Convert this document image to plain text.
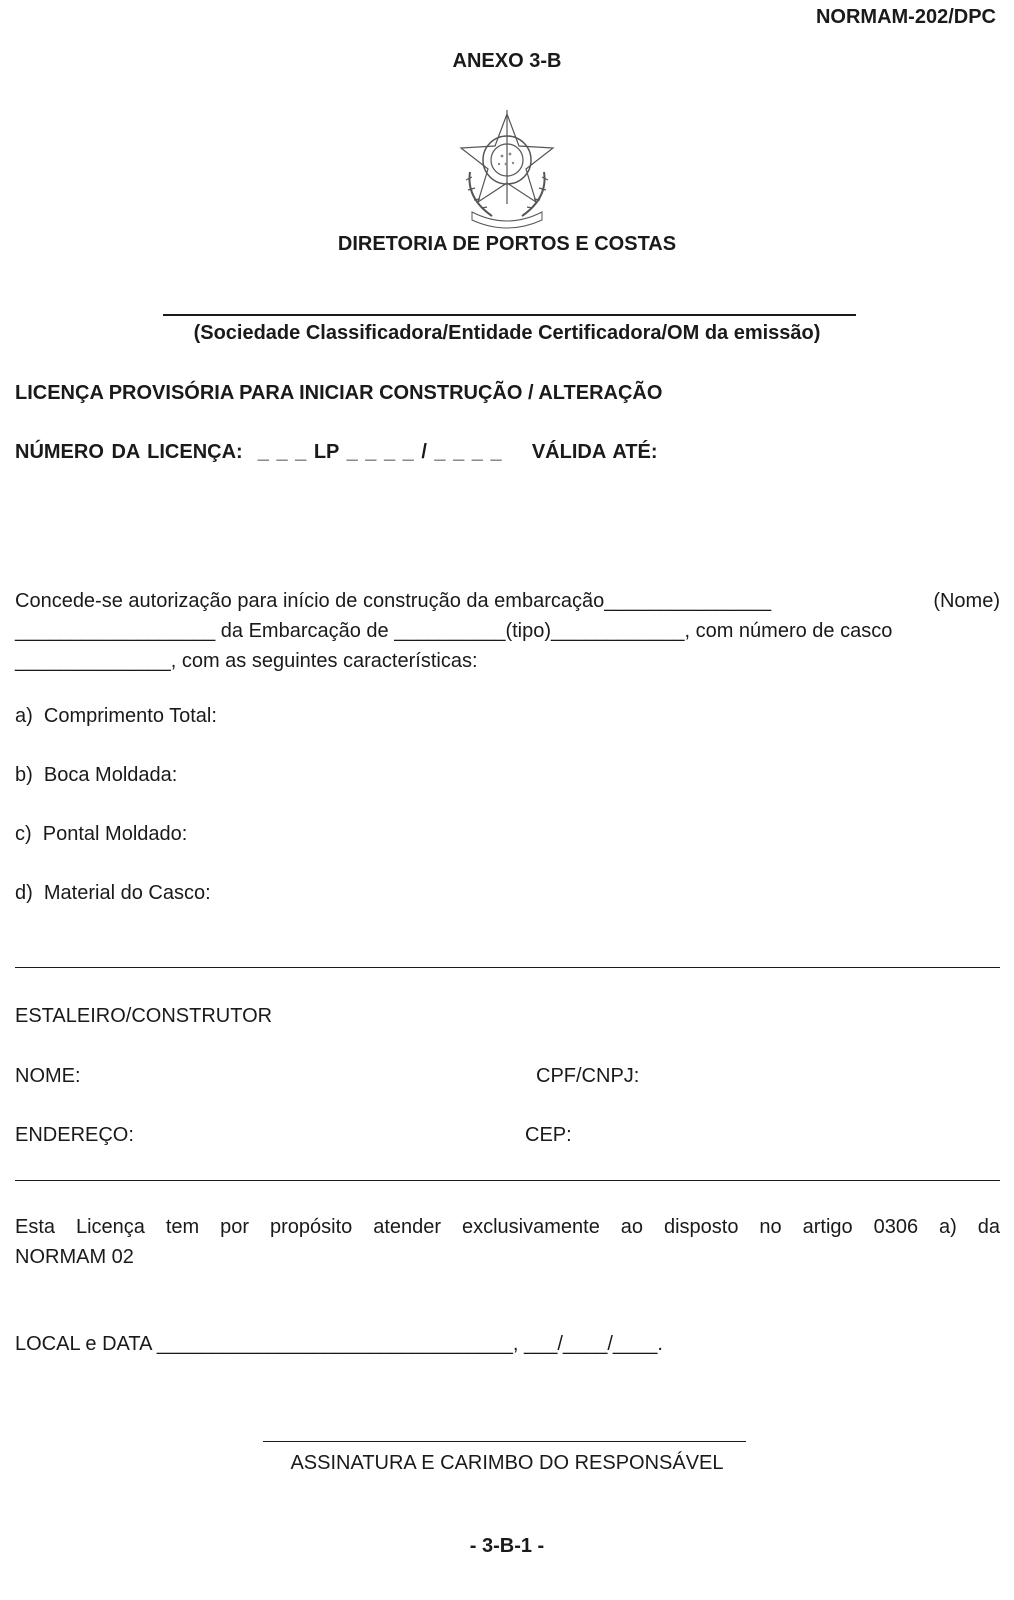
NORMAM-202/DPC
ANEXO 3-B
DIRETORIA DE PORTOS E COSTAS
(Sociedade Classificadora/Entidade Certificadora/OM da emissão)
LICENÇA PROVISÓRIA PARA INICIAR CONSTRUÇÃO / ALTERAÇÃO
NÚMERO DA LICENÇA:  _ _ _ LP _ _ _ _ / _ _ _ _    VÁLIDA ATÉ:

Concede-se autorização para início de construção da embarcação_______________	(Nome)

__________________ da Embarcação de __________(tipo)____________, com número de casco

______________, com as seguintes características:

a)  Comprimento Total:
b)  Boca Moldada:
c)  Pontal Moldado:
d)  Material do Casco:
ESTALEIRO/CONSTRUTOR
NOME:	CPF/CNPJ:
ENDEREÇO:	CEP:
Esta Licença tem por propósito atender exclusivamente ao disposto no artigo 0306 a) da
NORMAM 02
LOCAL e DATA ________________________________, ___/____/____.
ASSINATURA E CARIMBO DO RESPONSÁVEL
- 3-B-1 -
